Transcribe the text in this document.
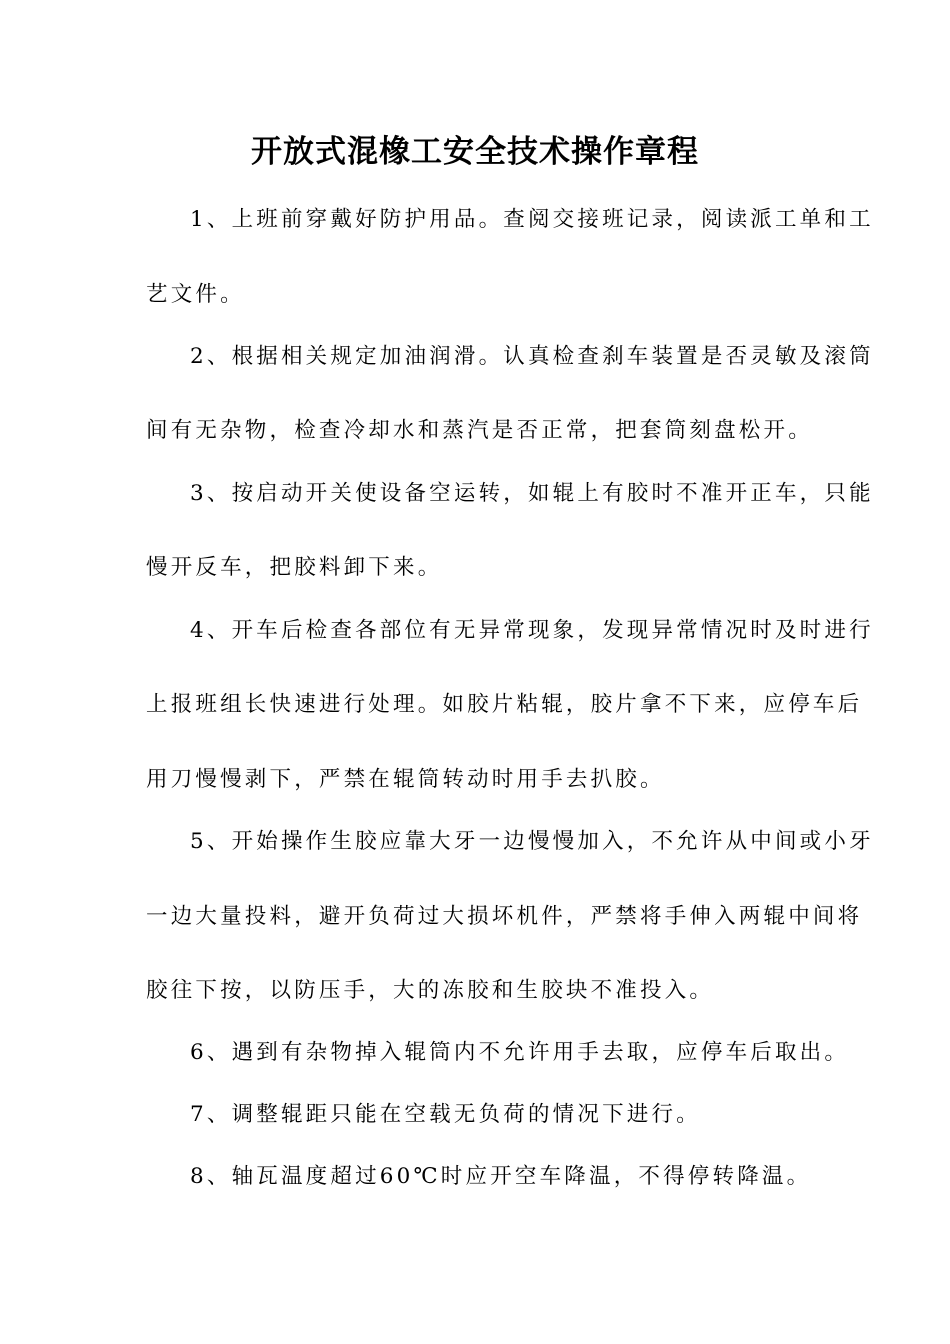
开放式混橡工安全技术操作章程
1、上班前穿戴好防护用品。查阅交接班记录，阅读派工单和工
艺文件。
2、根据相关规定加油润滑。认真检查刹车装置是否灵敏及滚筒
间有无杂物，检查冷却水和蒸汽是否正常，把套筒刻盘松开。
3、按启动开关使设备空运转，如辊上有胶时不准开正车，只能
慢开反车，把胶料卸下来。
4、开车后检查各部位有无异常现象，发现异常情况时及时进行
上报班组长快速进行处理。如胶片粘辊，胶片拿不下来，应停车后
用刀慢慢剥下，严禁在辊筒转动时用手去扒胶。
5、开始操作生胶应靠大牙一边慢慢加入，不允许从中间或小牙
一边大量投料，避开负荷过大损坏机件，严禁将手伸入两辊中间将
胶往下按，以防压手，大的冻胶和生胶块不准投入。
6、遇到有杂物掉入辊筒内不允许用手去取，应停车后取出。
7、调整辊距只能在空载无负荷的情况下进行。
8、轴瓦温度超过60℃时应开空车降温，不得停转降温。
